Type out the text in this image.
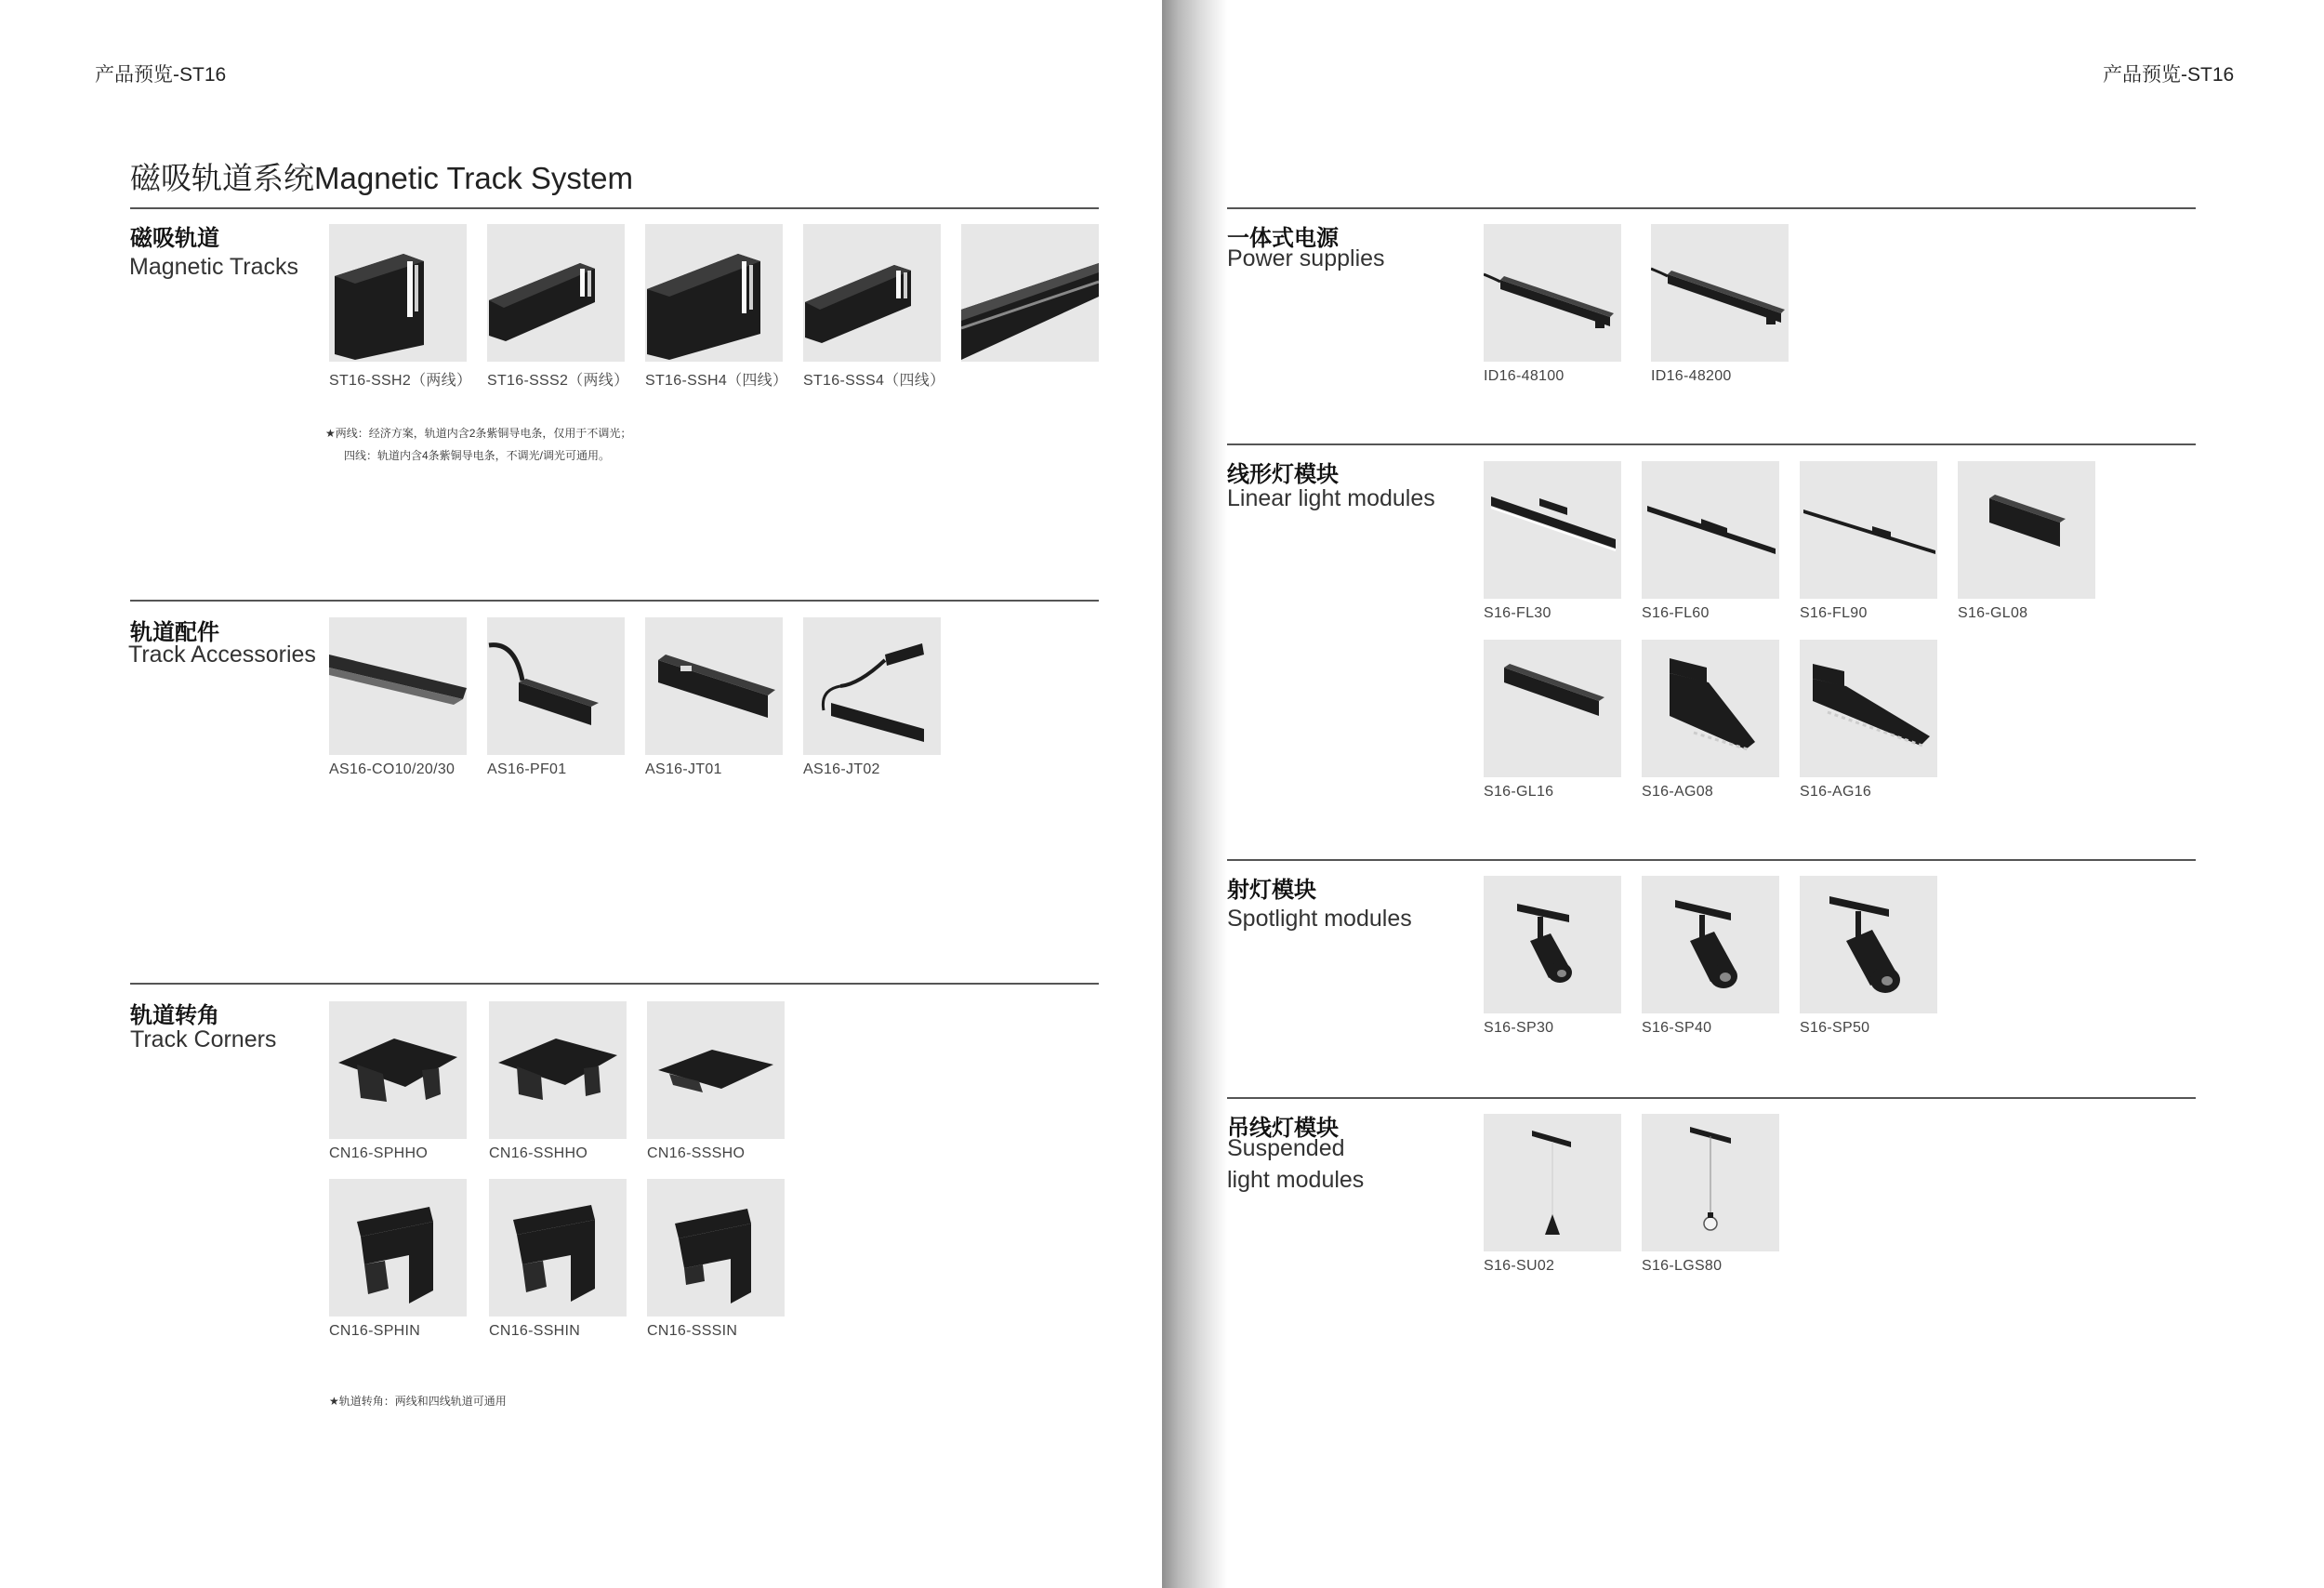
产品预览-ST16	产品预览-ST16
磁吸轨道系统Magnetic Track System
磁吸轨道
Magnetic Tracks
ST16-SSH2（两线） ST16-SSS2（两线） ST16-SSH4（四线） ST16-SSS4（四线）
★两线：经济方案，轨道内含2条紫铜导电条，仅用于不调光；
四线：轨道内含4条紫铜导电条，不调光/调光可通用。
轨道配件
Track Accessories
AS16-CO10/20/30	AS16-PF01	AS16-JT01	AS16-JT02
轨道转角
Track Corners
CN16-SPHHO	CN16-SSHHO	CN16-SSSHO
CN16-SPHIN	CN16-SSHIN	CN16-SSSIN
★轨道转角：两线和四线轨道可通用
一体式电源
Power supplies
ID16-48100	ID16-48200
线形灯模块
Linear light modules
S16-FL30	S16-FL60	S16-FL90	S16-GL08
S16-GL16	S16-AG08	S16-AG16
射灯模块
Spotlight modules
S16-SP30	S16-SP40	S16-SP50
吊线灯模块
Suspended
light modules
S16-SU02	S16-LGS80
